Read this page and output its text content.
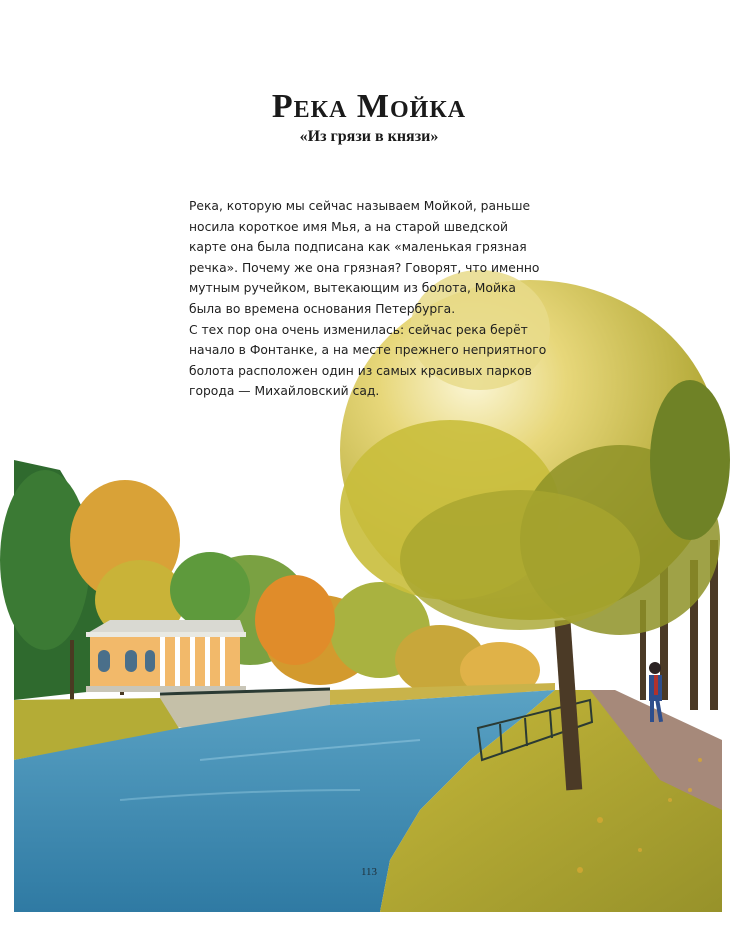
Река Мойка
«Из грязи в князи»

Река, которую мы сейчас называем Мойкой, раньше носила короткое имя Мья, а на старой шведской карте она была подписана как «маленькая грязная речка». Почему же она грязная? Говорят, что именно мутным ручейком, вытекающим из болота, Мойка была во времена основания Петербурга.

С тех пор она очень изменилась: сейчас река берёт начало в Фонтанке, а на месте прежнего неприятного болота расположен один из самых красивых парков города — Михайловский сад.

113
